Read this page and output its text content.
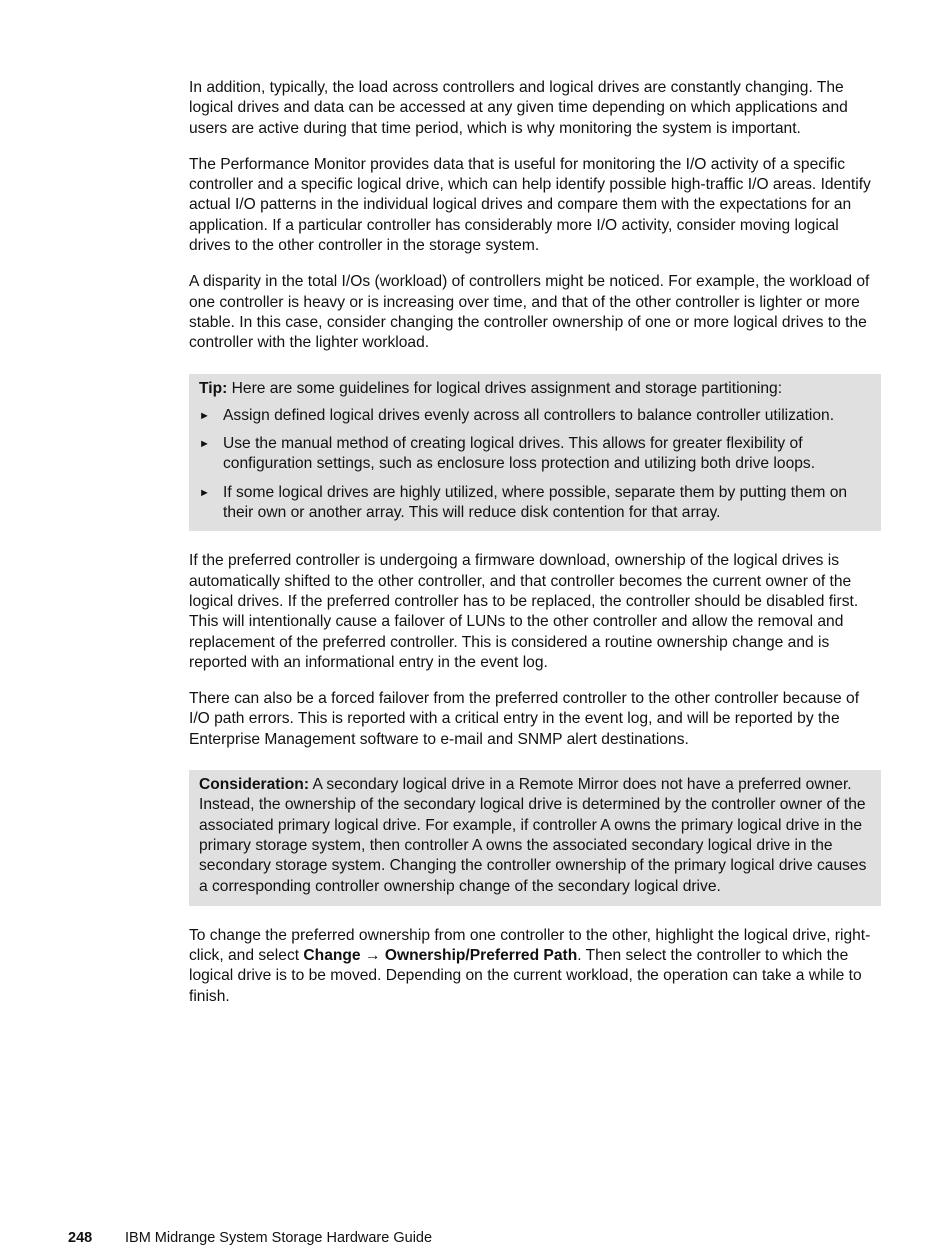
In addition, typically, the load across controllers and logical drives are constantly changing. The logical drives and data can be accessed at any given time depending on which applications and users are active during that time period, which is why monitoring the system is important.

The Performance Monitor provides data that is useful for monitoring the I/O activity of a specific controller and a specific logical drive, which can help identify possible high-traffic I/O areas. Identify actual I/O patterns in the individual logical drives and compare them with the expectations for an application. If a particular controller has considerably more I/O activity, consider moving logical drives to the other controller in the storage system.

A disparity in the total I/Os (workload) of controllers might be noticed. For example, the workload of one controller is heavy or is increasing over time, and that of the other controller is lighter or more stable. In this case, consider changing the controller ownership of one or more logical drives to the controller with the lighter workload.

Tip: Here are some guidelines for logical drives assignment and storage partitioning:

► Assign defined logical drives evenly across all controllers to balance controller utilization.
► Use the manual method of creating logical drives. This allows for greater flexibility of configuration settings, such as enclosure loss protection and utilizing both drive loops.
► If some logical drives are highly utilized, where possible, separate them by putting them on their own or another array. This will reduce disk contention for that array.

If the preferred controller is undergoing a firmware download, ownership of the logical drives is automatically shifted to the other controller, and that controller becomes the current owner of the logical drives. If the preferred controller has to be replaced, the controller should be disabled first. This will intentionally cause a failover of LUNs to the other controller and allow the removal and replacement of the preferred controller. This is considered a routine ownership change and is reported with an informational entry in the event log.

There can also be a forced failover from the preferred controller to the other controller because of I/O path errors. This is reported with a critical entry in the event log, and will be reported by the Enterprise Management software to e-mail and SNMP alert destinations.

Consideration: A secondary logical drive in a Remote Mirror does not have a preferred owner. Instead, the ownership of the secondary logical drive is determined by the controller owner of the associated primary logical drive. For example, if controller A owns the primary logical drive in the primary storage system, then controller A owns the associated secondary logical drive in the secondary storage system. Changing the controller ownership of the primary logical drive causes a corresponding controller ownership change of the secondary logical drive.

To change the preferred ownership from one controller to the other, highlight the logical drive, right-click, and select Change → Ownership/Preferred Path. Then select the controller to which the logical drive is to be moved. Depending on the current workload, the operation can take a while to finish.

248 IBM Midrange System Storage Hardware Guide
